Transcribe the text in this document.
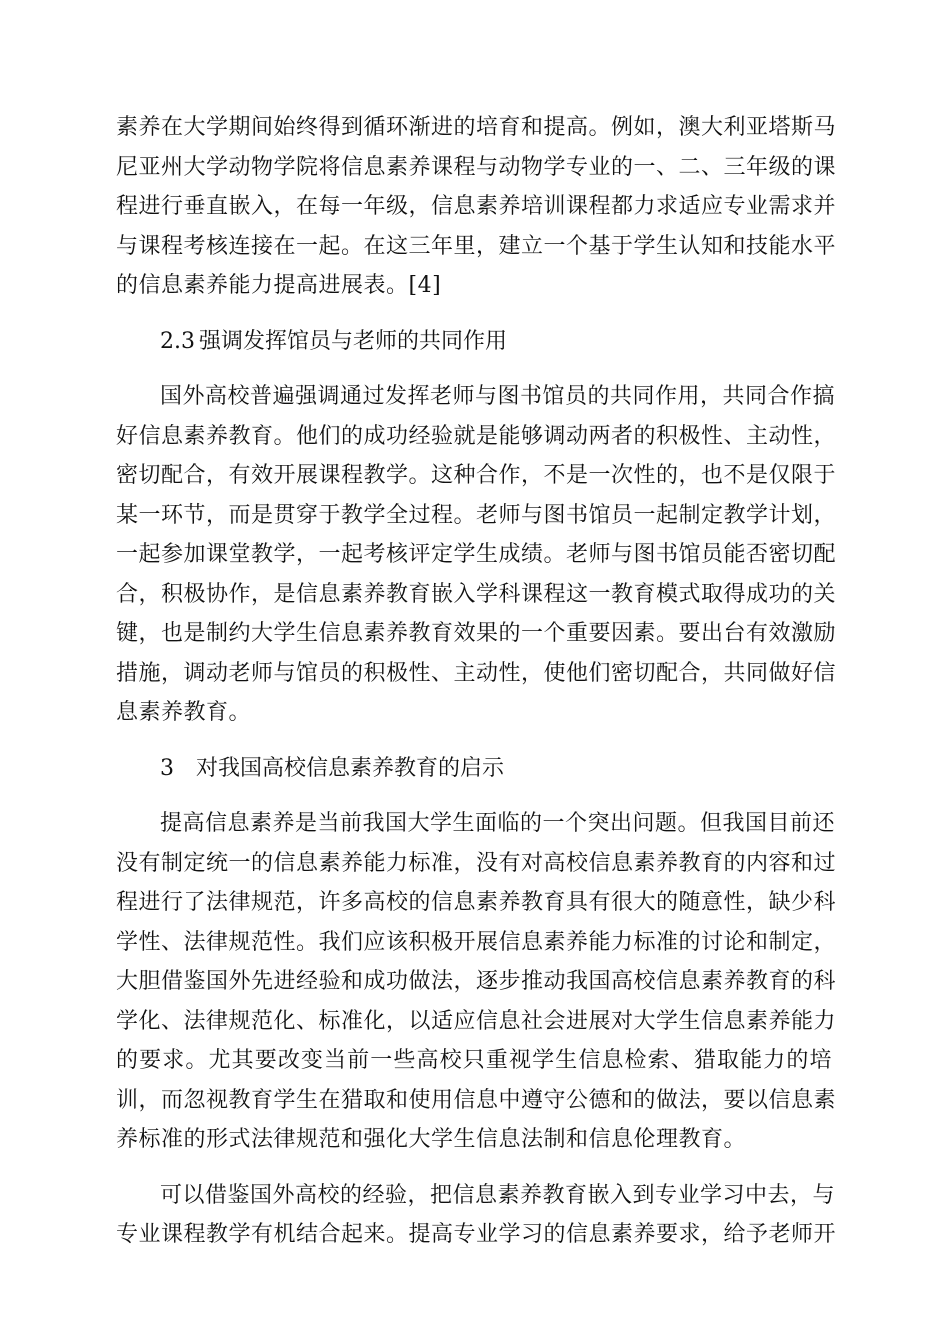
素养在大学期间始终得到循环渐进的培育和提高。例如，澳大利亚塔斯马
尼亚州大学动物学院将信息素养课程与动物学专业的一、二、三年级的课
程进行垂直嵌入，在每一年级，信息素养培训课程都力求适应专业需求并
与课程考核连接在一起。在这三年里，建立一个基于学生认知和技能水平
的信息素养能力提高进展表。[4]
2.3 强调发挥馆员与老师的共同作用
国外高校普遍强调通过发挥老师与图书馆员的共同作用，共同合作搞
好信息素养教育。他们的成功经验就是能够调动两者的积极性、主动性，
密切配合，有效开展课程教学。这种合作，不是一次性的，也不是仅限于
某一环节，而是贯穿于教学全过程。老师与图书馆员一起制定教学计划，
一起参加课堂教学，一起考核评定学生成绩。老师与图书馆员能否密切配
合，积极协作，是信息素养教育嵌入学科课程这一教育模式取得成功的关
键，也是制约大学生信息素养教育效果的一个重要因素。要出台有效激励
措施，调动老师与馆员的积极性、主动性，使他们密切配合，共同做好信
息素养教育。
3 对我国高校信息素养教育的启示
提高信息素养是当前我国大学生面临的一个突出问题。但我国目前还
没有制定统一的信息素养能力标准，没有对高校信息素养教育的内容和过
程进行了法律规范，许多高校的信息素养教育具有很大的随意性，缺少科
学性、法律规范性。我们应该积极开展信息素养能力标准的讨论和制定，
大胆借鉴国外先进经验和成功做法，逐步推动我国高校信息素养教育的科
学化、法律规范化、标准化，以适应信息社会进展对大学生信息素养能力
的要求。尤其要改变当前一些高校只重视学生信息检索、猎取能力的培
训，而忽视教育学生在猎取和使用信息中遵守公德和的做法，要以信息素
养标准的形式法律规范和强化大学生信息法制和信息伦理教育。
可以借鉴国外高校的经验，把信息素养教育嵌入到专业学习中去，与
专业课程教学有机结合起来。提高专业学习的信息素养要求，给予老师开
